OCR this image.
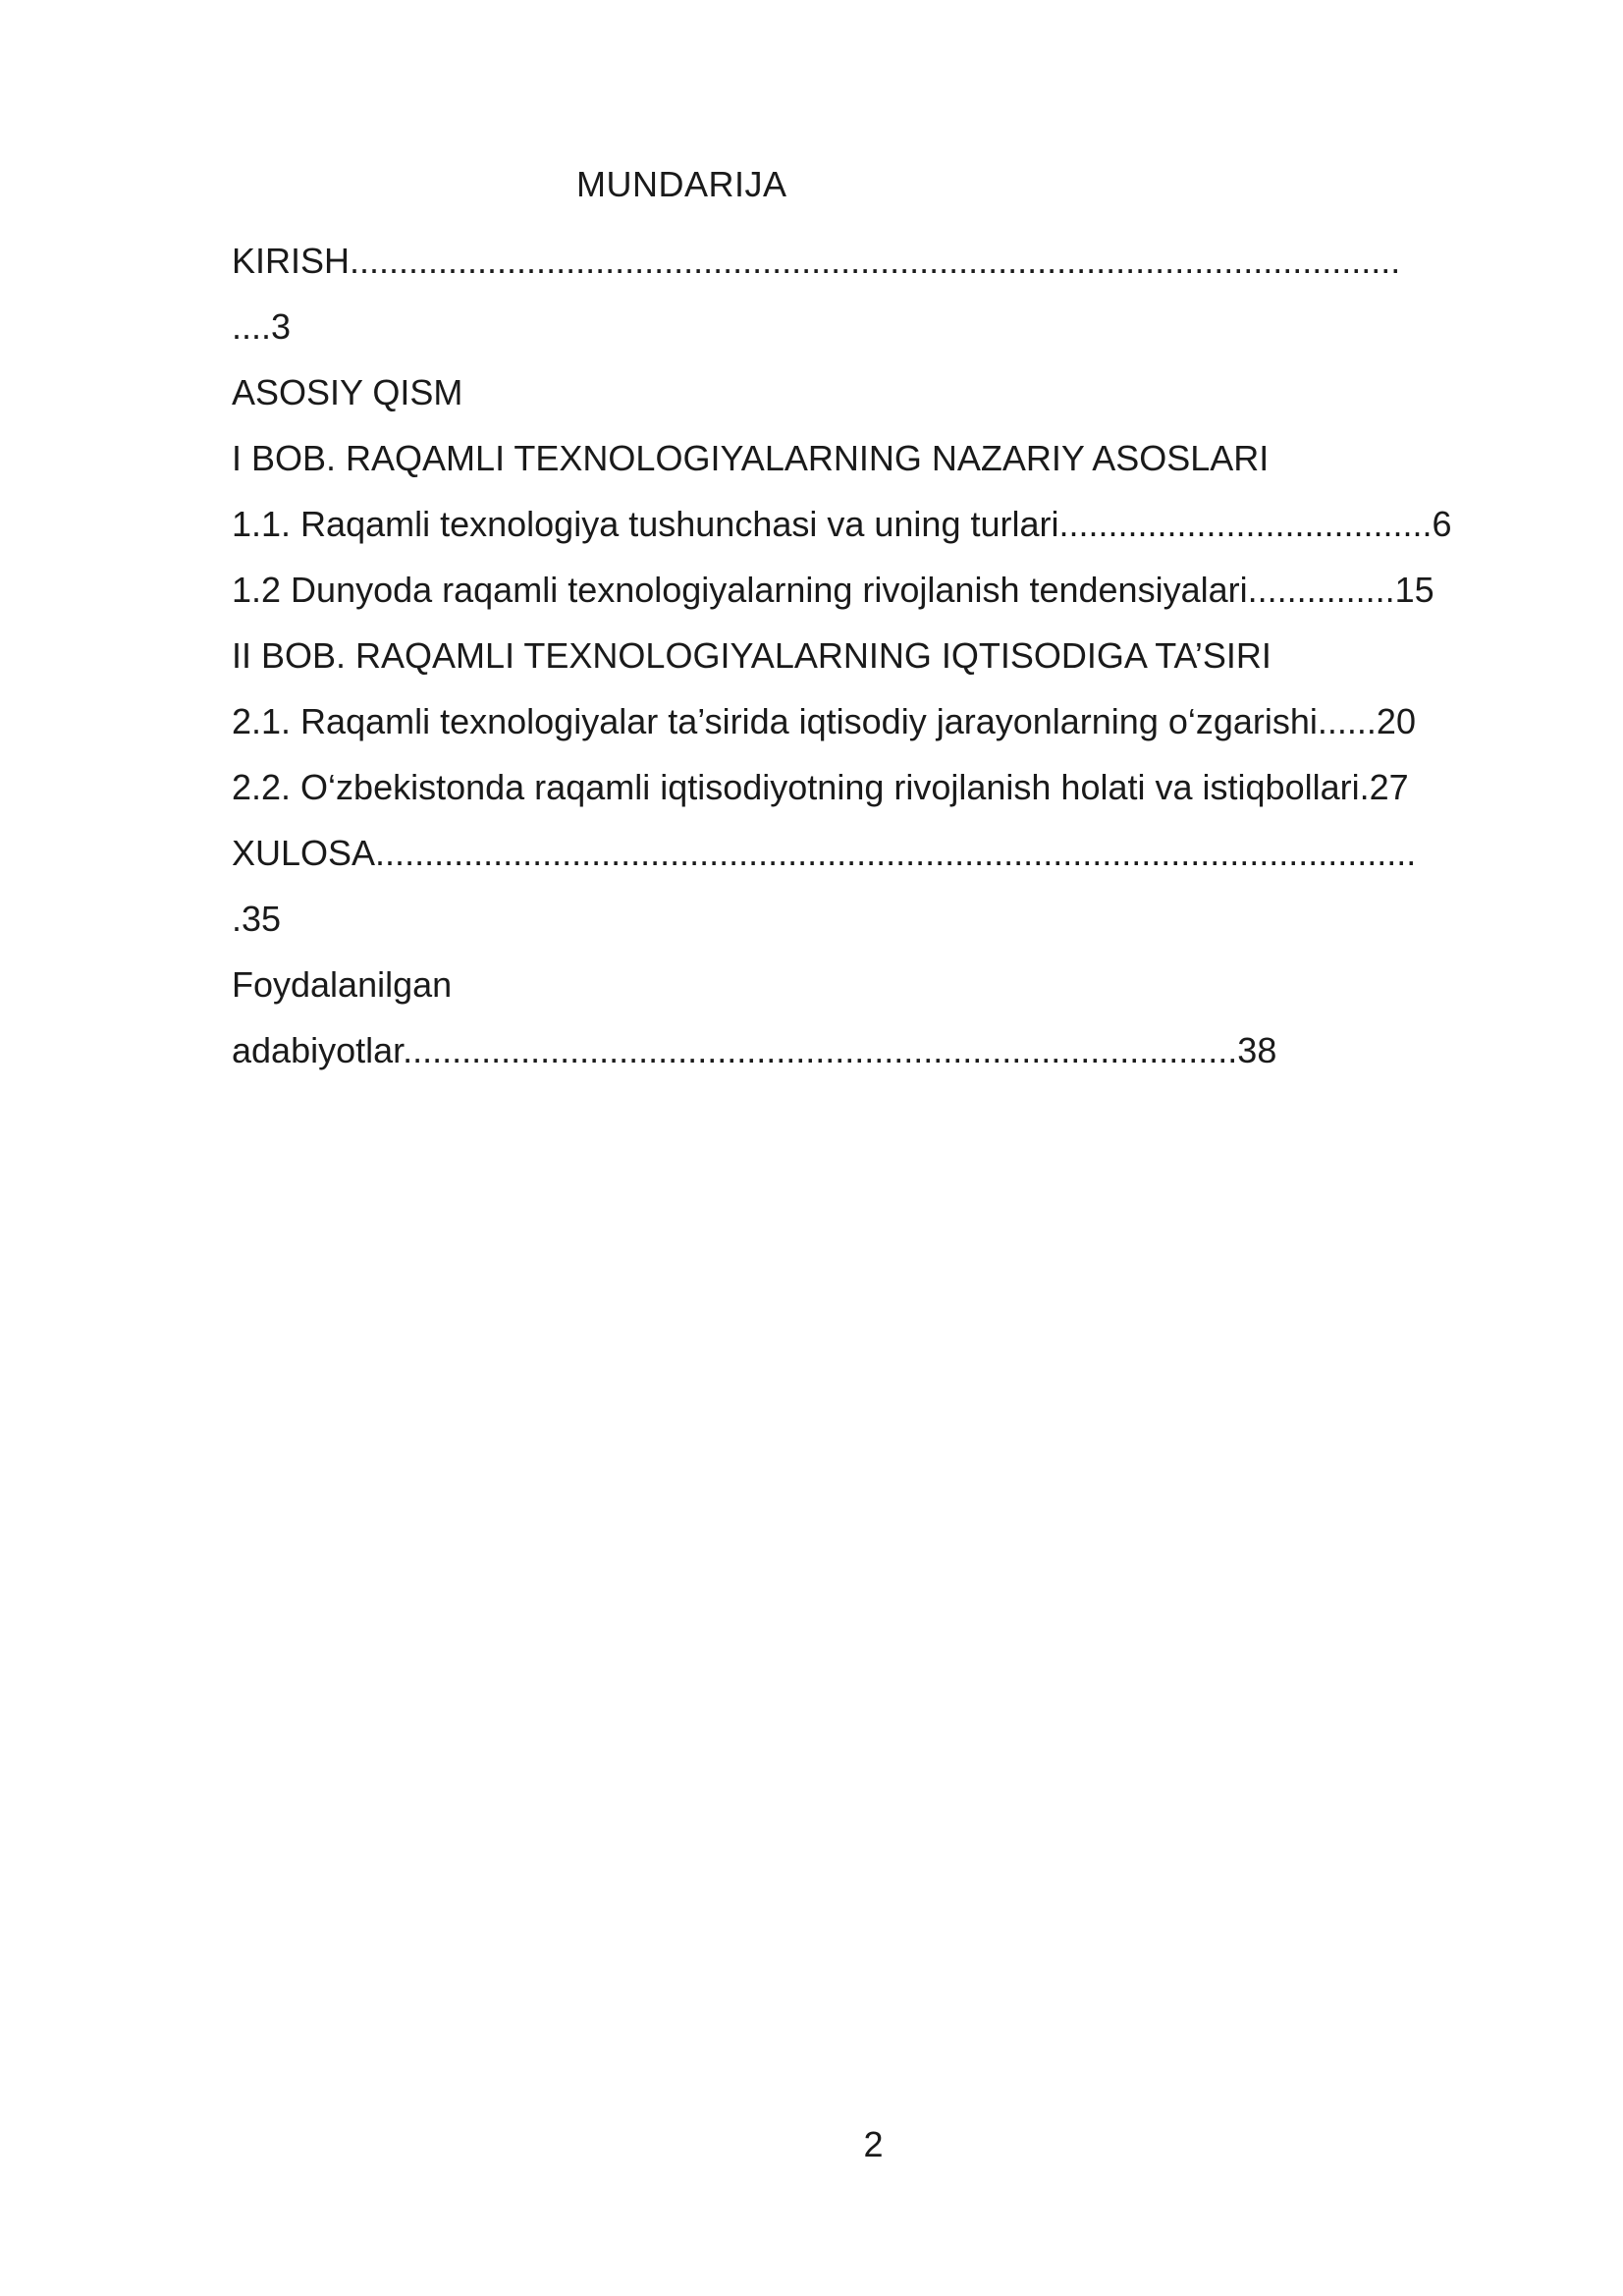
MUNDARIJA
KIRISH...........................................................................................................
....3
ASOSIY QISM
I BOB. RAQAMLI TEXNOLOGIYALARNING NAZARIY ASOSLARI
1.1. Raqamli texnologiya tushunchasi va uning turlari......................................6
1.2 Dunyoda raqamli texnologiyalarning rivojlanish tendensiyalari...............15
II BOB. RAQAMLI TEXNOLOGIYALARNING IQTISODIGA TA’SIRI
2.1. Raqamli texnologiyalar ta’sirida iqtisodiy jarayonlarning o‘zgarishi......20
2.2. O‘zbekistonda raqamli iqtisodiyotning rivojlanish holati va istiqbollari.27
XULOSA..........................................................................................................
.35
Foydalanilgan
adabiyotlar.....................................................................................38
2
